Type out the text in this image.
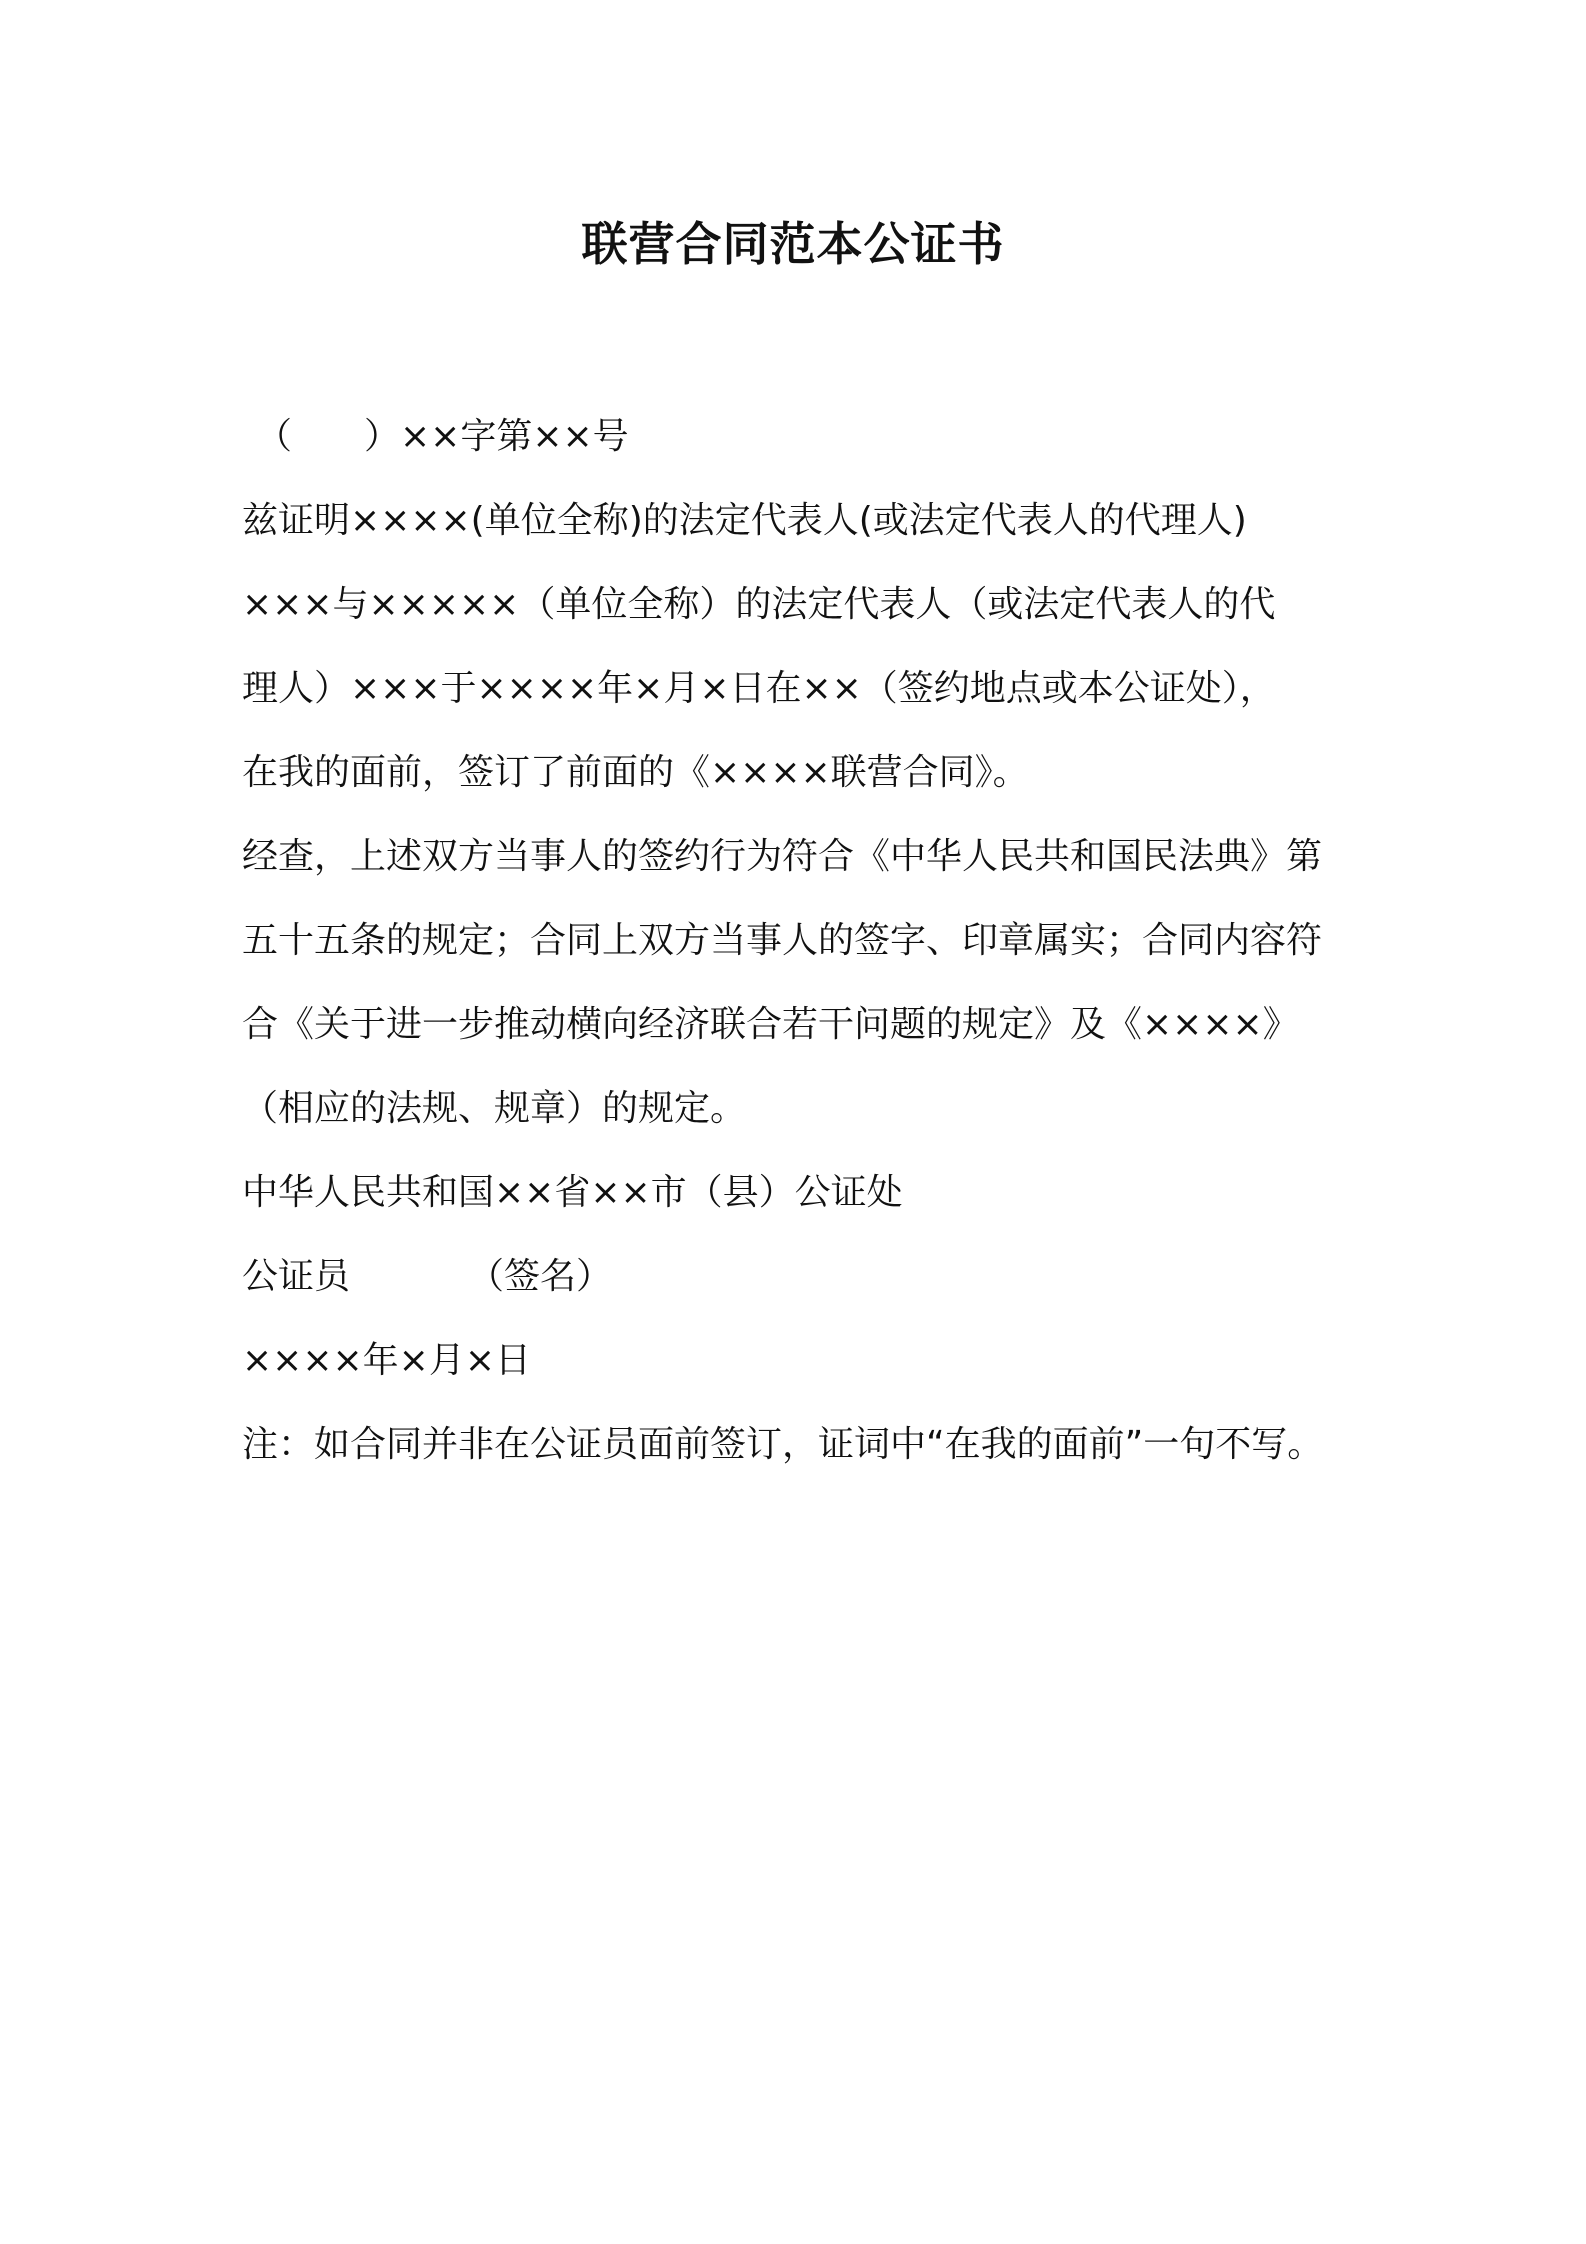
联营合同范本公证书
（　　）××字第××号
兹证明××××(单位全称)的法定代表人(或法定代表人的代理人)
×××与×××××（单位全称）的法定代表人（或法定代表人的代
理人）×××于××××年×月×日在××（签约地点或本公证处），
在我的面前，签订了前面的《××××联营合同》。
经查，上述双方当事人的签约行为符合《中华人民共和国民法典》第
五十五条的规定；合同上双方当事人的签字、印章属实；合同内容符
合《关于进一步推动横向经济联合若干问题的规定》及《××××》
（相应的法规、规章）的规定。
中华人民共和国××省××市（县）公证处
公证员	（签名）
××××年×月×日
注：如合同并非在公证员面前签订，证词中“在我的面前”一句不写。
